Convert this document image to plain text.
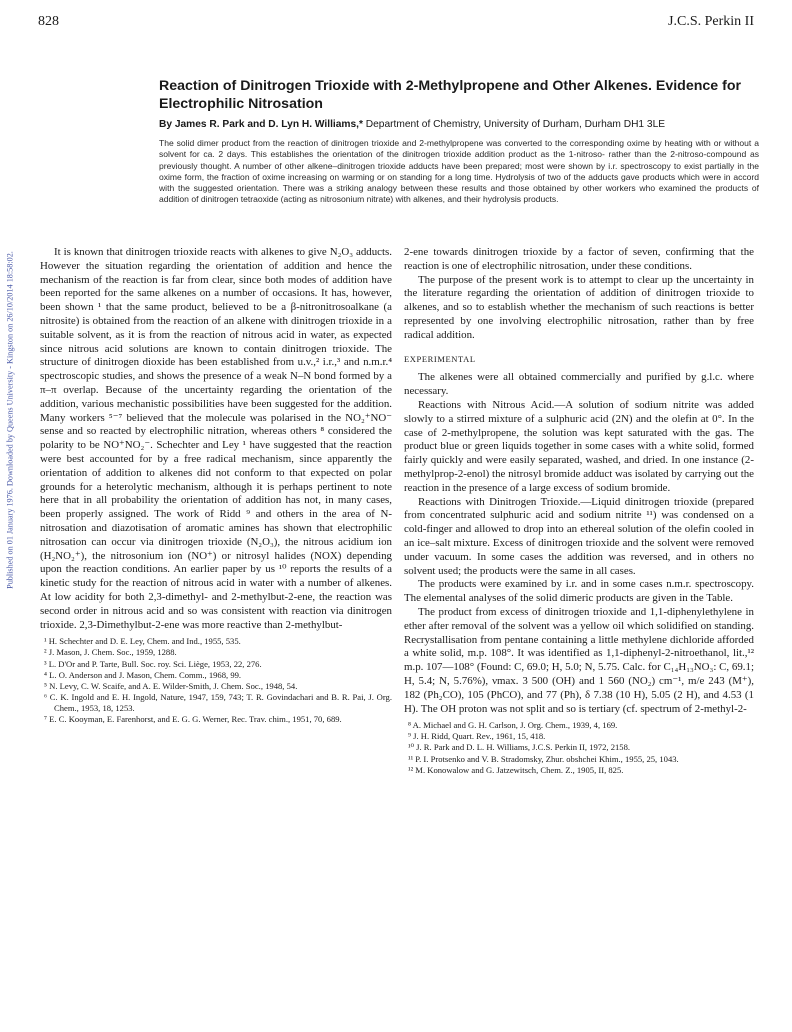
828	J.C.S. Perkin II
Published on 01 January 1976. Downloaded by Queens University - Kingston on 26/10/2014 18:58:02.
Reaction of Dinitrogen Trioxide with 2-Methylpropene and Other Alkenes. Evidence for Electrophilic Nitrosation

By James R. Park and D. Lyn H. Williams,* Department of Chemistry, University of Durham, Durham DH1 3LE

The solid dimer product from the reaction of dinitrogen trioxide and 2-methylpropene was converted to the corresponding oxime by heating with or without a solvent for ca. 2 days. This establishes the orientation of the dinitrogen trioxide addition product as the 1-nitroso- rather than the 2-nitroso-compound as previously thought. A number of other alkene–dinitrogen trioxide adducts have been prepared; most were shown by i.r. spectroscopy to exist partially in the oxime form, the fraction of oxime increasing on warming or on standing for a long time. Hydrolysis of two of the adducts gave products which were in accord with the suggested orientation. There was a striking analogy between these results and those obtained by other workers who examined the products of addition of dinitrogen tetraoxide (acting as nitrosonium nitrate) with alkenes, and their hydrolysis products.

It is known that dinitrogen trioxide reacts with alkenes to give N₂O₃ adducts. However the situation regarding the orientation of addition and hence the mechanism of the reaction is far from clear, since both modes of addition have been reported for the same alkenes on a number of occasions. It has, however, been shown ¹ that the same product, believed to be a β-nitronitrosoalkane (a nitrosite) is obtained from the reaction of an alkene with dinitrogen trioxide in a suitable solvent, as it is from the reaction of nitrous acid in water, as expected since nitrous acid solutions are known to contain dinitrogen trioxide. The structure of dinitrogen dioxide has been established from u.v.,² i.r.,³ and n.m.r.⁴ spectroscopic studies, and shows the presence of a weak N–N bond formed by a π–π overlap. Because of the uncertainty regarding the orientation of the addition, various mechanistic possibilities have been suggested for the addition. Many workers ⁵⁻⁷ believed that the molecule was polarised in the NO₂⁺NO⁻ sense and so reacted by electrophilic nitration, whereas others ⁸ considered the polarity to be NO⁺NO₂⁻. Schechter and Ley ¹ have suggested that the reaction were best accounted for by a free radical mechanism, since apparently the orientation of addition to alkenes did not conform to that expected on polar grounds for a heterolytic mechanism, although it is perhaps pertinent to note here that in all probability the orientation of addition has not, in many cases, been properly assigned. The work of Ridd ⁹ and others in the area of N-nitrosation and diazotisation of aromatic amines has shown that electrophilic nitrosation can occur via dinitrogen trioxide (N₂O₃), the nitrous acidium ion (H₂NO₂⁺), the nitrosonium ion (NO⁺) or nitrosyl halides (NOX) depending upon the reaction conditions. An earlier paper by us ¹⁰ reports the results of a kinetic study for the reaction of nitrous acid in water with a number of alkenes. At low acidity for both 2,3-dimethyl- and 2-methylbut-2-ene, the reaction was second order in nitrous acid and so was consistent with reaction via dinitrogen trioxide. 2,3-Dimethylbut-2-ene was more reactive than 2-methylbut-

¹ H. Schechter and D. E. Ley, Chem. and Ind., 1955, 535.
² J. Mason, J. Chem. Soc., 1959, 1288.
³ L. D'Or and P. Tarte, Bull. Soc. roy. Sci. Liège, 1953, 22, 276.
⁴ L. O. Anderson and J. Mason, Chem. Comm., 1968, 99.
⁵ N. Levy, C. W. Scaife, and A. E. Wilder-Smith, J. Chem. Soc., 1948, 54.
⁶ C. K. Ingold and E. H. Ingold, Nature, 1947, 159, 743; T. R. Govindachari and B. R. Pai, J. Org. Chem., 1953, 18, 1253.
⁷ E. C. Kooyman, E. Farenhorst, and E. G. G. Werner, Rec. Trav. chim., 1951, 70, 689.

2-ene towards dinitrogen trioxide by a factor of seven, confirming that the reaction is one of electrophilic nitrosation, under these conditions.

The purpose of the present work is to attempt to clear up the uncertainty in the literature regarding the orientation of addition of dinitrogen trioxide to alkenes, and so to establish whether the mechanism of such reactions is better represented by one involving electrophilic nitrosation, rather than by free radical addition.

EXPERIMENTAL

The alkenes were all obtained commercially and purified by g.l.c. where necessary.

Reactions with Nitrous Acid.—A solution of sodium nitrite was added slowly to a stirred mixture of a sulphuric acid (2N) and the olefin at 0°. In the case of 2-methylpropene, the solution was kept saturated with the gas. The product blue or green liquids together in some cases with a white solid, formed fairly quickly and were easily separated, washed, and dried. In one instance (2-methylprop-2-enol) the nitrosyl bromide adduct was isolated by carrying out the reaction in the presence of a large excess of sodium bromide.

Reactions with Dinitrogen Trioxide.—Liquid dinitrogen trioxide (prepared from concentrated sulphuric acid and sodium nitrite ¹¹) was condensed on a cold-finger and allowed to drop into an ethereal solution of the olefin cooled in an ice–salt mixture. Excess of dinitrogen trioxide and the solvent were removed under vacuum. In some cases the addition was reversed, and in others no solvent used; the products were the same in all cases.

The products were examined by i.r. and in some cases n.m.r. spectroscopy. The elemental analyses of the solid dimeric products are given in the Table.

The product from excess of dinitrogen trioxide and 1,1-diphenylethylene in ether after removal of the solvent was a yellow oil which solidified on standing. Recrystallisation from pentane containing a little methylene dichloride afforded a white solid, m.p. 108°. It was identified as 1,1-diphenyl-2-nitroethanol, lit.,¹² m.p. 107—108° (Found: C, 69.0; H, 5.0; N, 5.75. Calc. for C₁₄H₁₃NO₃: C, 69.1; H, 5.4; N, 5.76%), νmax. 3 500 (OH) and 1 560 (NO₂) cm⁻¹, m/e 243 (M⁺), 182 (Ph₂CO), 105 (PhCO), and 77 (Ph), δ 7.38 (10 H), 5.05 (2 H), and 4.53 (1 H). The OH proton was not split and so is tertiary (cf. spectrum of 2-methyl-2-

⁸ A. Michael and G. H. Carlson, J. Org. Chem., 1939, 4, 169.
⁹ J. H. Ridd, Quart. Rev., 1961, 15, 418.
¹⁰ J. R. Park and D. L. H. Williams, J.C.S. Perkin II, 1972, 2158.
¹¹ P. I. Protsenko and V. B. Stradomsky, Zhur. obshchei Khim., 1955, 25, 1043.
¹² M. Konowalow and G. Jatzewitsch, Chem. Z., 1905, II, 825.
